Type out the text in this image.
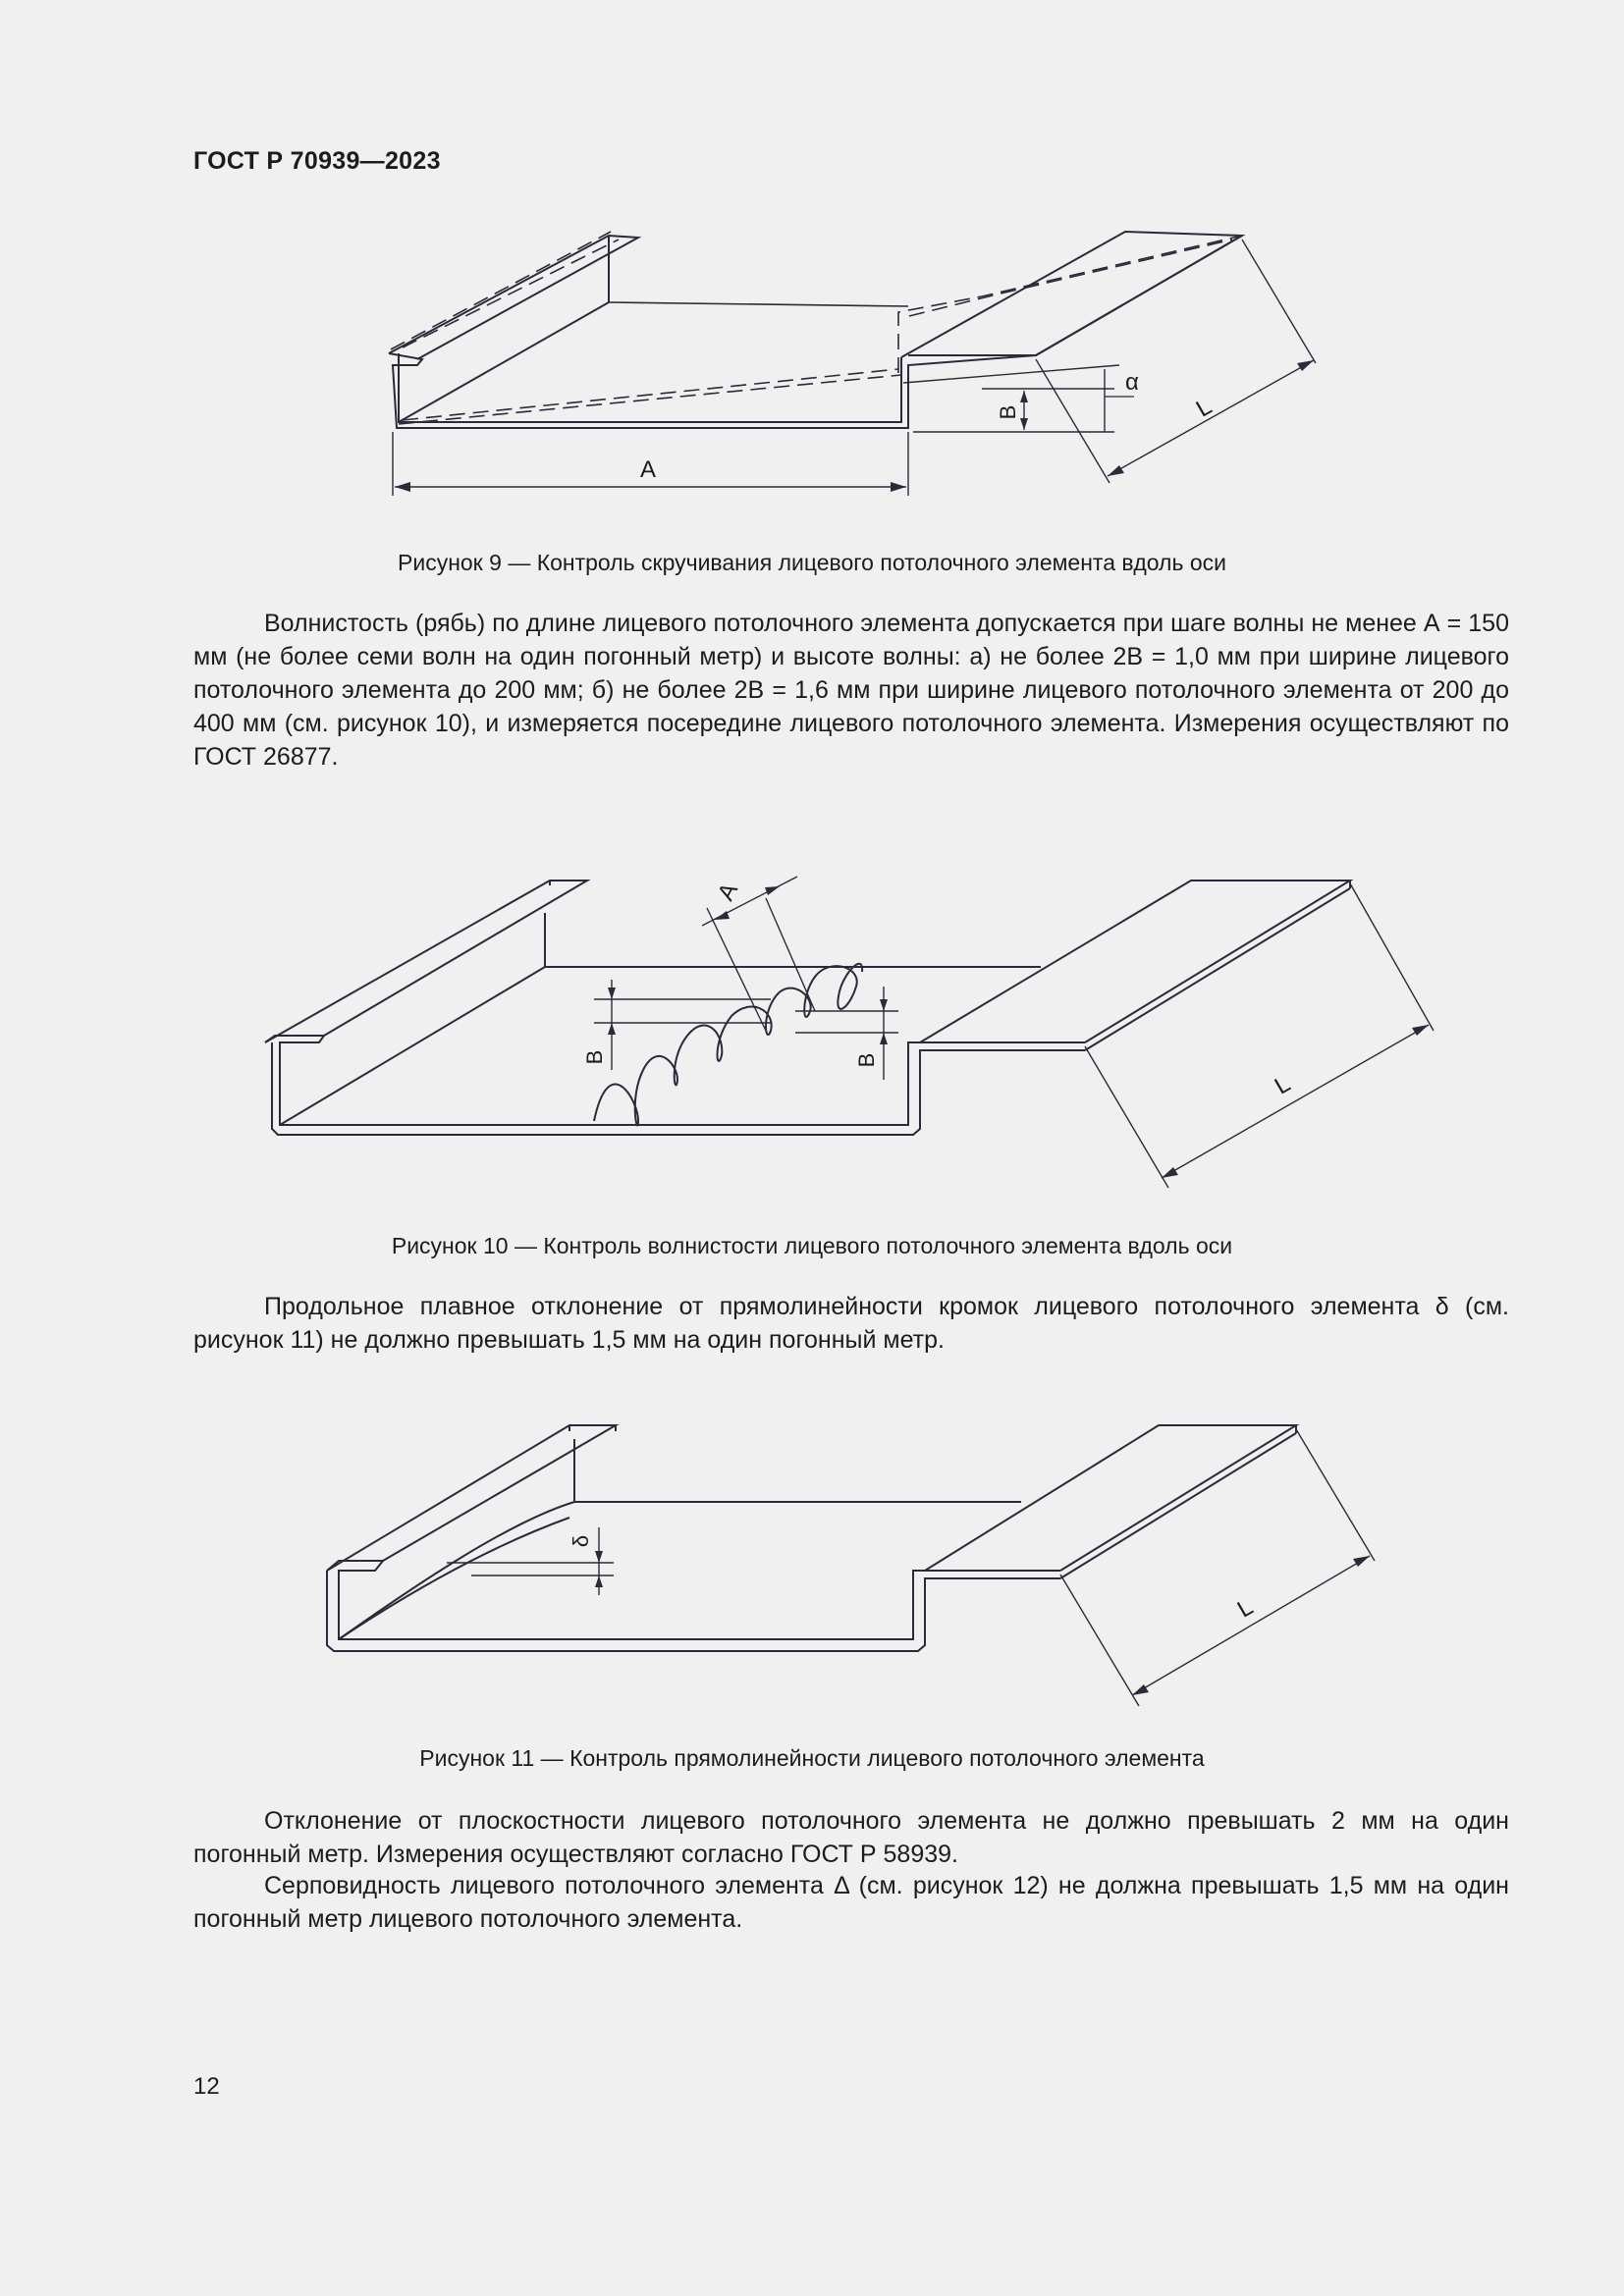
ГОСТ Р 70939—2023
A
B
α
L
Рисунок 9 — Контроль скручивания лицевого потолочного элемента вдоль оси

Волнистость (рябь) по длине лицевого потолочного элемента допускается при шаге волны не менее А = 150 мм (не более семи волн на один погонный метр) и высоте волны: а) не более 2В = 1,0 мм при ширине лицевого потолочного элемента до 200 мм; б) не более 2В = 1,6 мм при ширине лицевого потолочного элемента от 200 до 400 мм (см. рисунок 10), и измеряется посередине лицевого потолочного элемента. Измерения осуществляют по ГОСТ 26877.

A
B	B
L
Рисунок 10 — Контроль волнистости лицевого потолочного элемента вдоль оси

Продольное плавное отклонение от прямолинейности кромок лицевого потолочного элемента δ (см. рисунок 11) не должно превышать 1,5 мм на один погонный метр.

δ
L
Рисунок 11 — Контроль прямолинейности лицевого потолочного элемента

Отклонение от плоскостности лицевого потолочного элемента не должно превышать 2 мм на один погонный метр. Измерения осуществляют согласно ГОСТ Р 58939.

Серповидность лицевого потолочного элемента Δ (см. рисунок 12) не должна превышать 1,5 мм на один погонный метр лицевого потолочного элемента.

12
